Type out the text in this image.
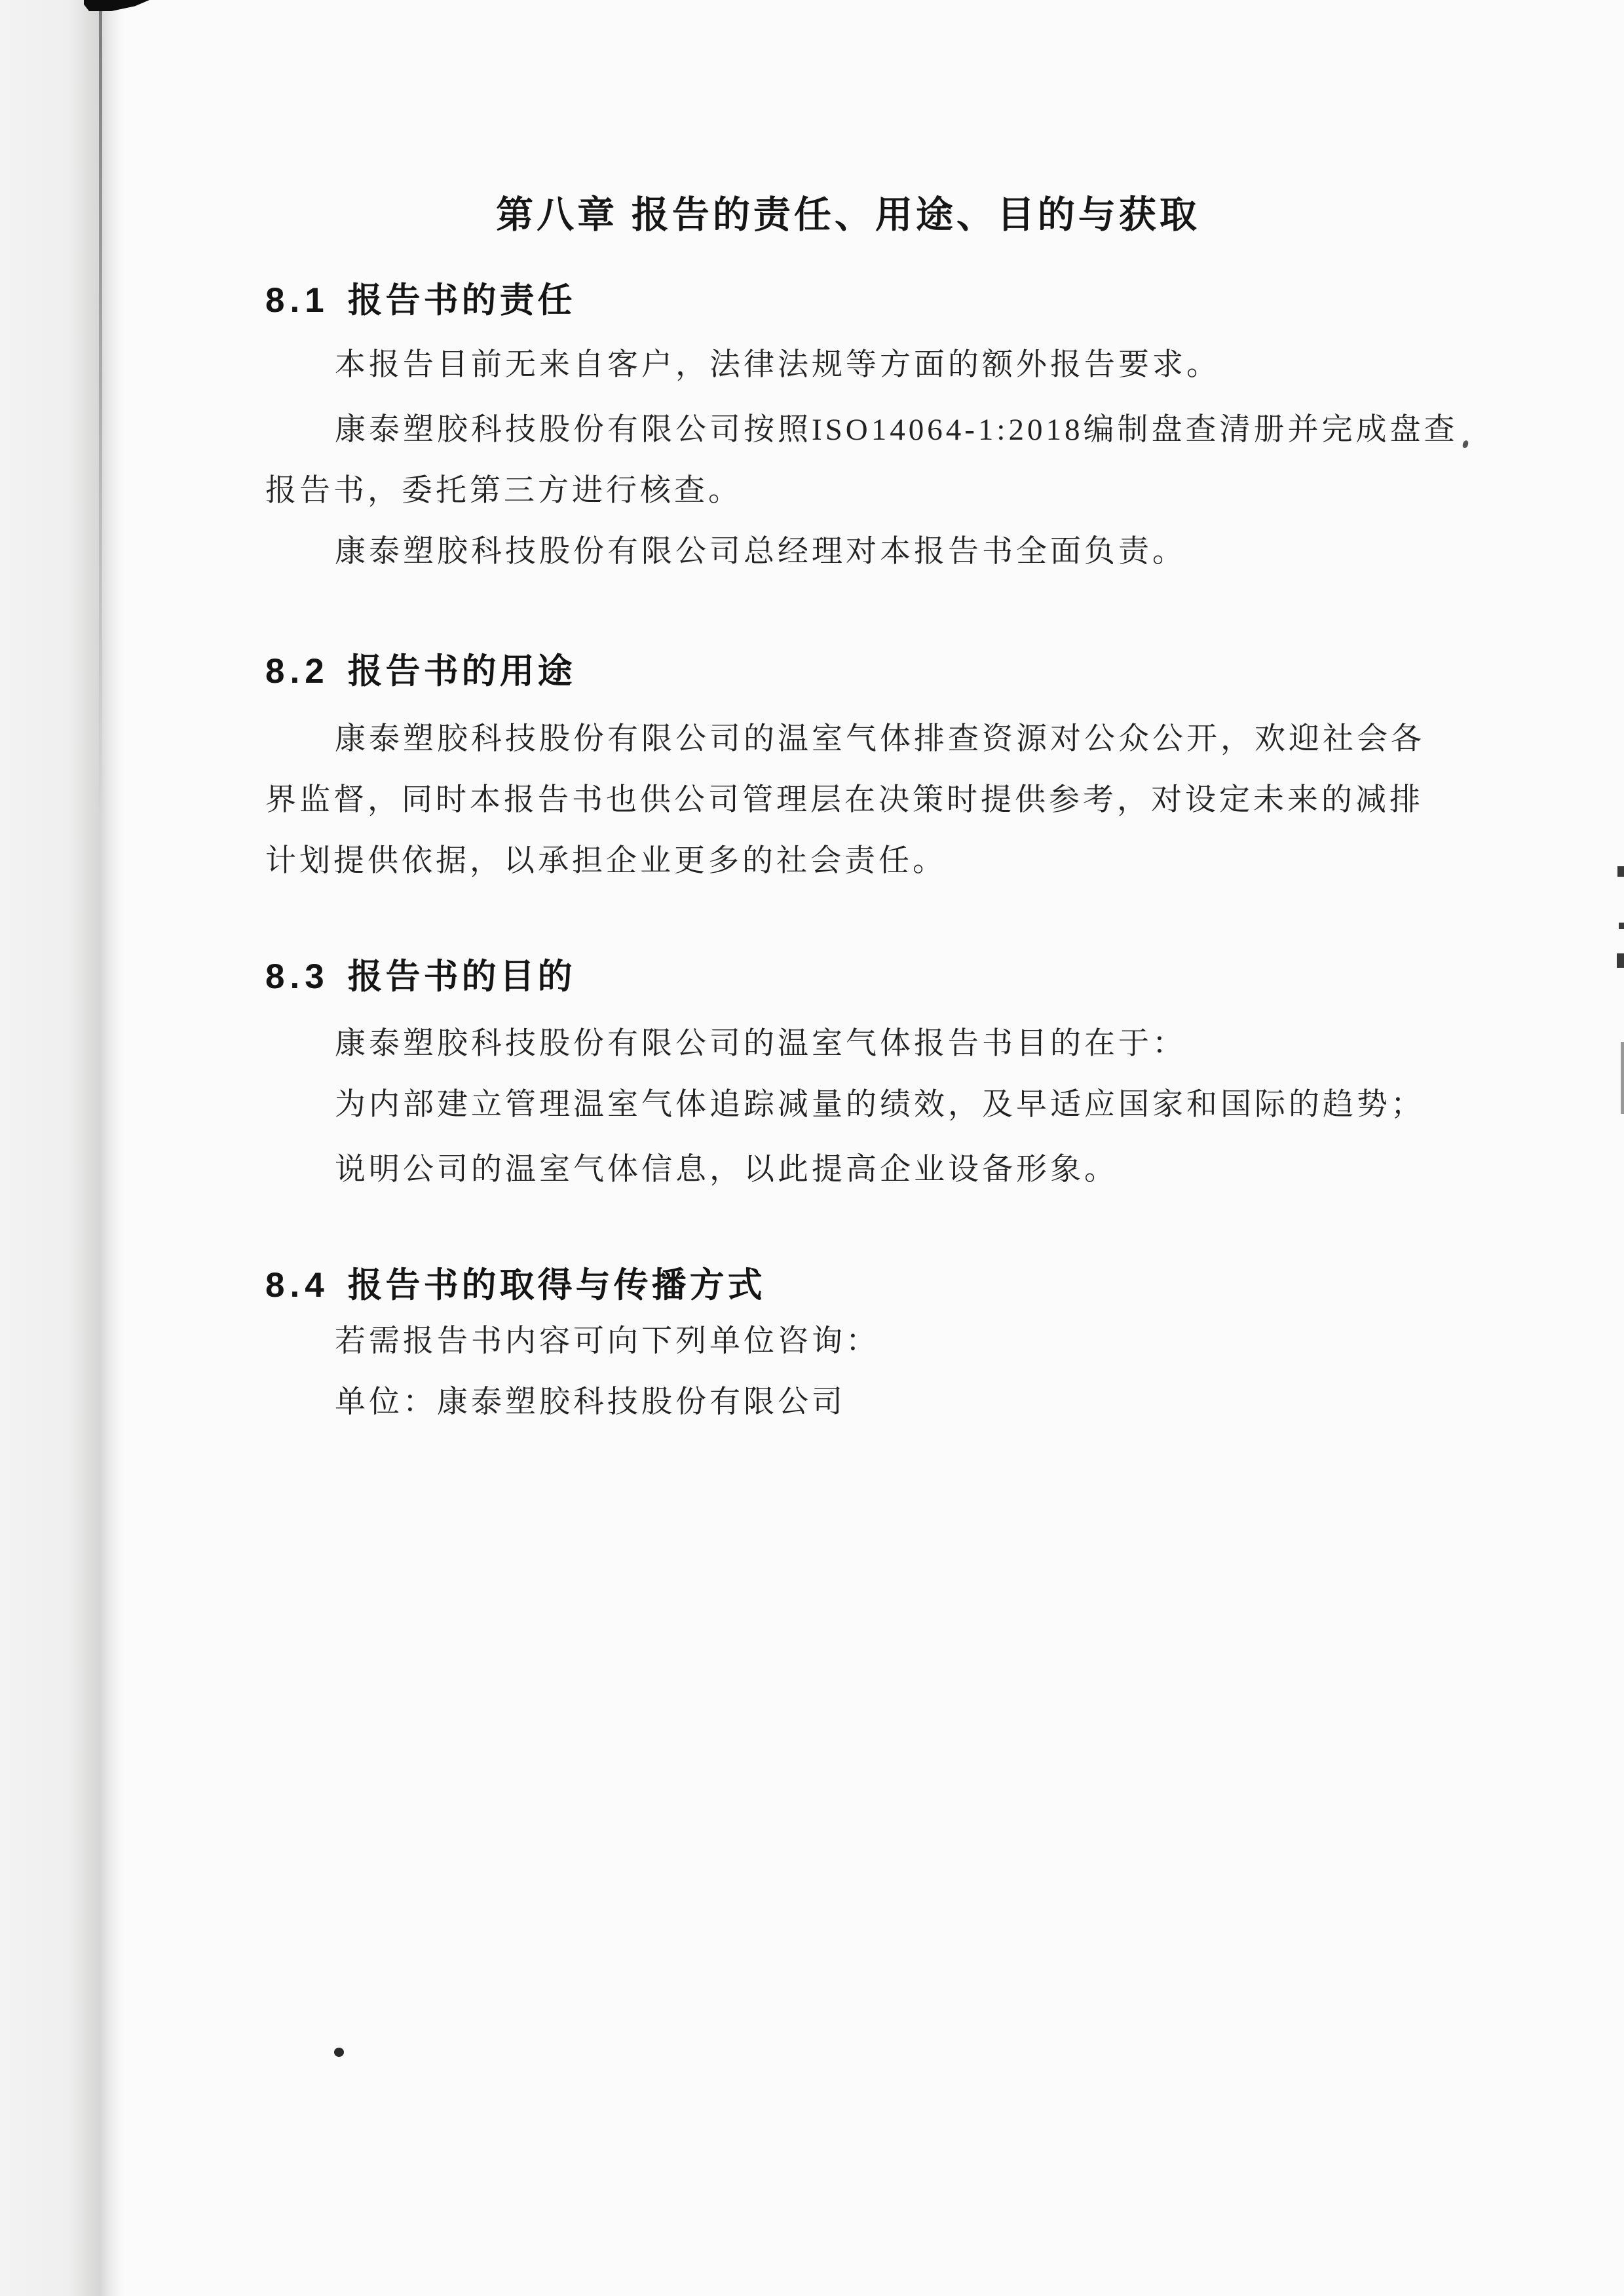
第八章 报告的责任、用途、目的与获取
8.1 报告书的责任
本报告目前无来自客户，法律法规等方面的额外报告要求。
康泰塑胶科技股份有限公司按照ISO14064-1:2018编制盘查清册并完成盘查
报告书，委托第三方进行核查。
康泰塑胶科技股份有限公司总经理对本报告书全面负责。
8.2 报告书的用途
康泰塑胶科技股份有限公司的温室气体排查资源对公众公开，欢迎社会各
界监督，同时本报告书也供公司管理层在决策时提供参考，对设定未来的减排
计划提供依据，以承担企业更多的社会责任。
8.3 报告书的目的
康泰塑胶科技股份有限公司的温室气体报告书目的在于：
为内部建立管理温室气体追踪减量的绩效，及早适应国家和国际的趋势；
说明公司的温室气体信息，以此提高企业设备形象。
8.4 报告书的取得与传播方式
若需报告书内容可向下列单位咨询：
单位：康泰塑胶科技股份有限公司
